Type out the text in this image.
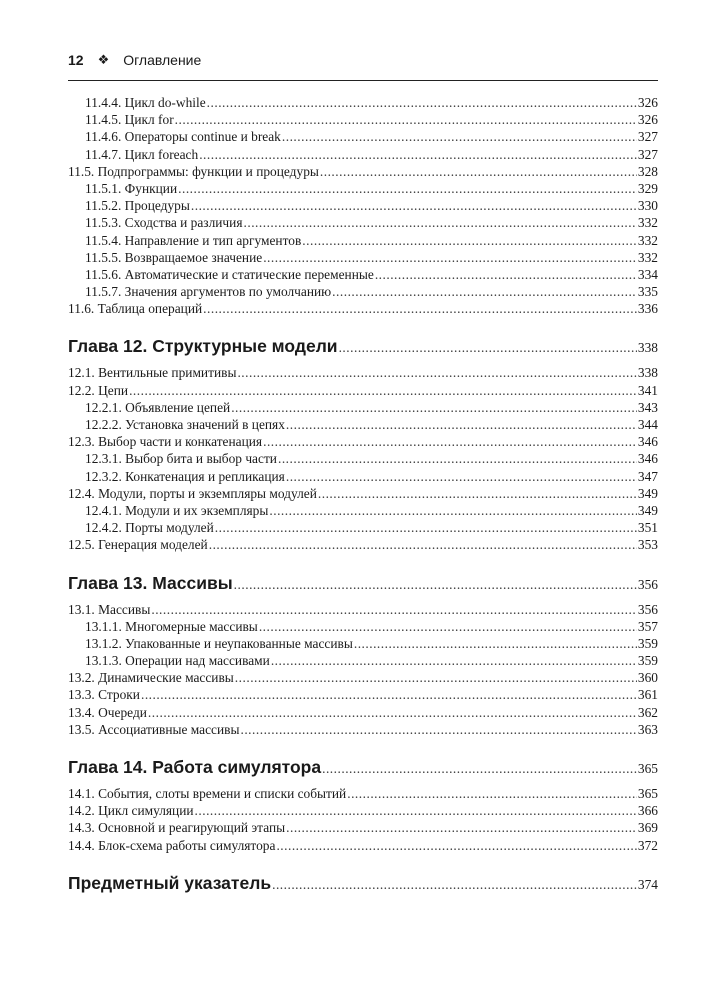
12 ❖ Оглавление
11.4.4. Цикл do-while .....	326
11.4.5. Цикл for .....	326
11.4.6. Операторы continue и break .....	327
11.4.7. Цикл foreach .....	327
11.5. Подпрограммы: функции и процедуры .....	328
11.5.1. Функции .....	329
11.5.2. Процедуры .....	330
11.5.3. Сходства и различия .....	332
11.5.4. Направление и тип аргументов .....	332
11.5.5. Возвращаемое значение .....	332
11.5.6. Автоматические и статические переменные .....	334
11.5.7. Значения аргументов по умолчанию .....	335
11.6. Таблица операций .....	336
Глава 12. Структурные модели .....	338
12.1. Вентильные примитивы .....	338
12.2. Цепи .....	341
12.2.1. Объявление цепей .....	343
12.2.2. Установка значений в цепях .....	344
12.3. Выбор части и конкатенация .....	346
12.3.1. Выбор бита и выбор части .....	346
12.3.2. Конкатенация и репликация .....	347
12.4. Модули, порты и экземпляры модулей .....	349
12.4.1. Модули и их экземпляры .....	349
12.4.2. Порты модулей .....	351
12.5. Генерация моделей .....	353
Глава 13. Массивы .....	356
13.1. Массивы .....	356
13.1.1. Многомерные массивы .....	357
13.1.2. Упакованные и неупакованные массивы .....	359
13.1.3. Операции над массивами .....	359
13.2. Динамические массивы .....	360
13.3. Строки .....	361
13.4. Очереди .....	362
13.5. Ассоциативные массивы .....	363
Глава 14. Работа симулятора .....	365
14.1. События, слоты времени и списки событий .....	365
14.2. Цикл симуляции .....	366
14.3. Основной и реагирующий этапы .....	369
14.4. Блок-схема работы симулятора .....	372
Предметный указатель .....	374
